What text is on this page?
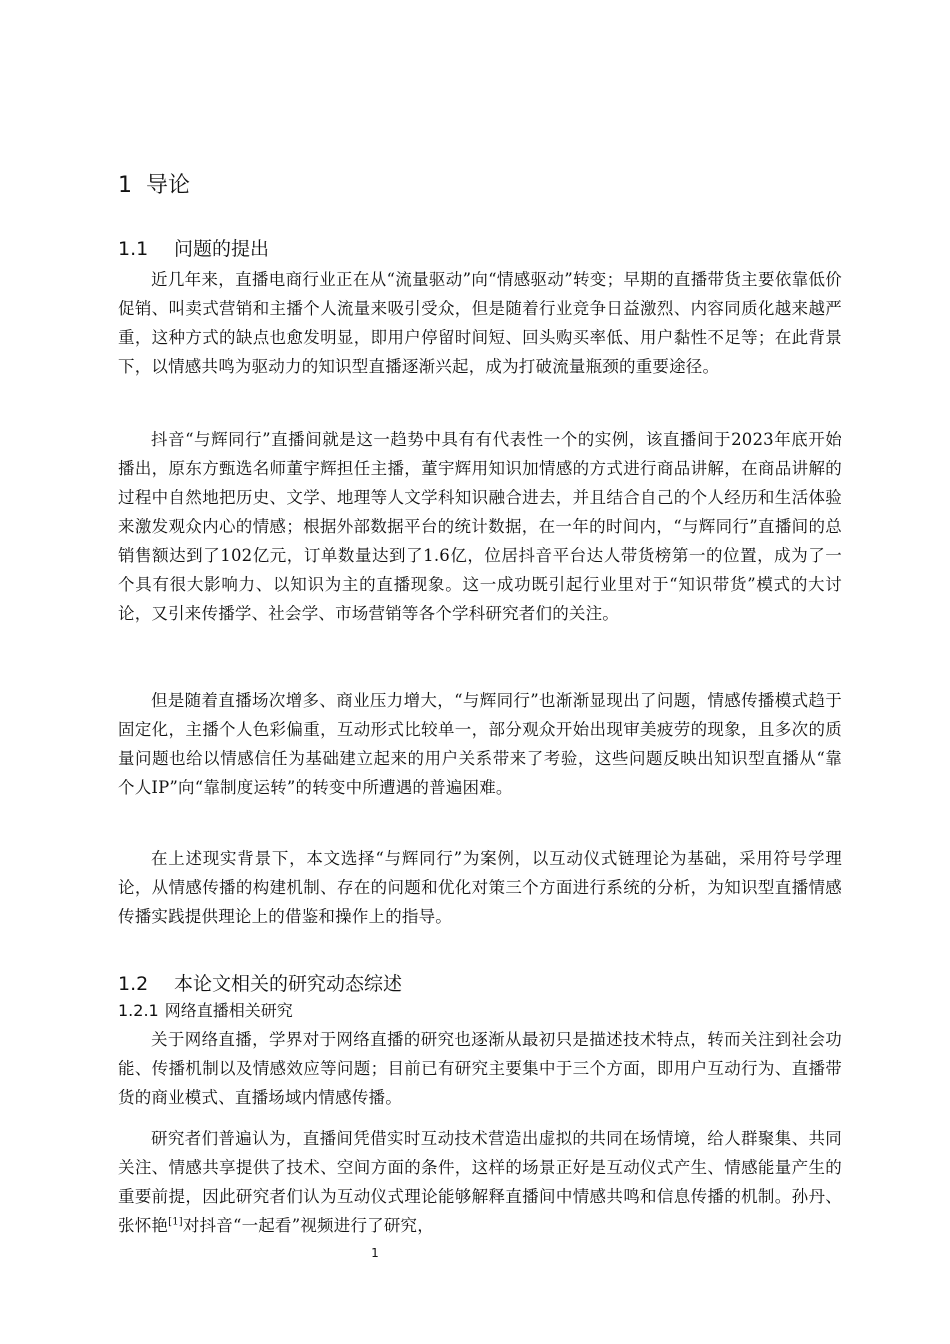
1 导论
1.1 问题的提出

近几年来，直播电商行业正在从“流量驱动”向“情感驱动”转变；早期的直播带货主要依靠低价促销、叫卖式营销和主播个人流量来吸引受众，但是随着行业竞争日益激烈、内容同质化越来越严重，这种方式的缺点也愈发明显，即用户停留时间短、回头购买率低、用户黏性不足等；在此背景下，以情感共鸣为驱动力的知识型直播逐渐兴起，成为打破流量瓶颈的重要途径。

抖音“与辉同行”直播间就是这一趋势中具有有代表性一个的实例，该直播间于2023年底开始播出，原东方甄选名师董宇辉担任主播，董宇辉用知识加情感的方式进行商品讲解，在商品讲解的过程中自然地把历史、文学、地理等人文学科知识融合进去，并且结合自己的个人经历和生活体验来激发观众内心的情感；根据外部数据平台的统计数据，在一年的时间内，“与辉同行”直播间的总销售额达到了102亿元，订单数量达到了1.6亿，位居抖音平台达人带货榜第一的位置，成为了一个具有很大影响力、以知识为主的直播现象。这一成功既引起行业里对于“知识带货”模式的大讨论，又引来传播学、社会学、市场营销等各个学科研究者们的关注。

但是随着直播场次增多、商业压力增大，“与辉同行”也渐渐显现出了问题，情感传播模式趋于固定化，主播个人色彩偏重，互动形式比较单一，部分观众开始出现审美疲劳的现象，且多次的质量问题也给以情感信任为基础建立起来的用户关系带来了考验，这些问题反映出知识型直播从“靠个人IP”向“靠制度运转”的转变中所遭遇的普遍困难。

在上述现实背景下，本文选择“与辉同行”为案例，以互动仪式链理论为基础，采用符号学理论，从情感传播的构建机制、存在的问题和优化对策三个方面进行系统的分析，为知识型直播情感传播实践提供理论上的借鉴和操作上的指导。

1.2 本论文相关的研究动态综述
1.2.1 网络直播相关研究

关于网络直播，学界对于网络直播的研究也逐渐从最初只是描述技术特点，转而关注到社会功能、传播机制以及情感效应等问题；目前已有研究主要集中于三个方面，即用户互动行为、直播带货的商业模式、直播场域内情感传播。

研究者们普遍认为，直播间凭借实时互动技术营造出虚拟的共同在场情境，给人群聚集、共同关注、情感共享提供了技术、空间方面的条件，这样的场景正好是互动仪式产生、情感能量产生的重要前提，因此研究者们认为互动仪式理论能够解释直播间中情感共鸣和信息传播的机制。孙丹、张怀艳[1]对抖音“一起看”视频进行了研究，

1
